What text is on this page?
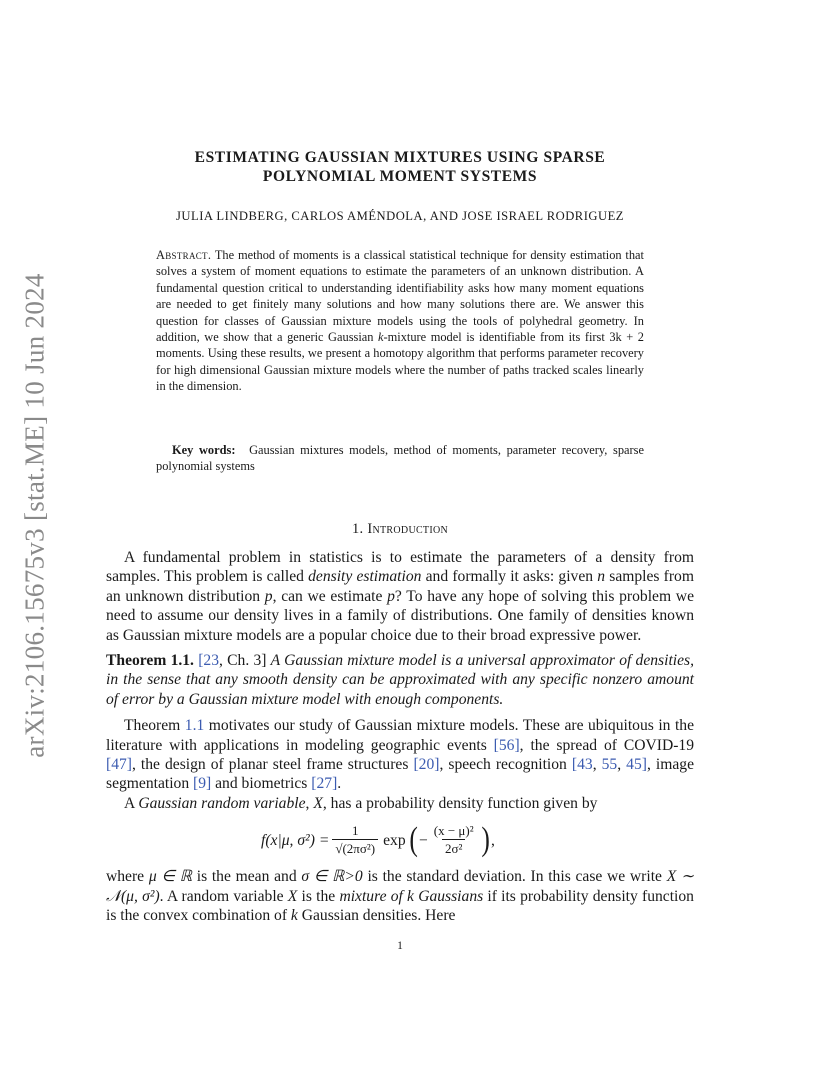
arXiv:2106.15675v3 [stat.ME] 10 Jun 2024
ESTIMATING GAUSSIAN MIXTURES USING SPARSE
POLYNOMIAL MOMENT SYSTEMS
JULIA LINDBERG, CARLOS AMÉNDOLA, AND JOSE ISRAEL RODRIGUEZ
Abstract. The method of moments is a classical statistical technique for density estimation that solves a system of moment equations to estimate the parameters of an unknown distribution. A fundamental question critical to understanding identifiability asks how many moment equations are needed to get finitely many solutions and how many solutions there are. We answer this question for classes of Gaussian mixture models using the tools of polyhedral geometry. In addition, we show that a generic Gaussian k-mixture model is identifiable from its first 3k + 2 moments. Using these results, we present a homotopy algorithm that performs parameter recovery for high dimensional Gaussian mixture models where the number of paths tracked scales linearly in the dimension.
Key words: Gaussian mixtures models, method of moments, parameter recovery, sparse polynomial systems
1. Introduction

A fundamental problem in statistics is to estimate the parameters of a density from samples. This problem is called density estimation and formally it asks: given n samples from an unknown distribution p, can we estimate p? To have any hope of solving this problem we need to assume our density lives in a family of distributions. One family of densities known as Gaussian mixture models are a popular choice due to their broad expressive power.

Theorem 1.1. [23, Ch. 3] A Gaussian mixture model is a universal approximator of densities, in the sense that any smooth density can be approximated with any specific nonzero amount of error by a Gaussian mixture model with enough components.

Theorem 1.1 motivates our study of Gaussian mixture models. These are ubiquitous in the literature with applications in modeling geographic events [56], the spread of COVID-19 [47], the design of planar steel frame structures [20], speech recognition [43, 55, 45], image segmentation [9] and biometrics [27].

A Gaussian random variable, X, has a probability density function given by

f(x|μ, $\sigma^2) = \frac{1}{\text{√(2πσ²)}}$ exp ( − $\frac{\text{(x − μ)²}}{\text{2σ²}}$ ) ,

where μ ∈ ℝ is the mean and σ ∈ ℝ>0 is the standard deviation. In this case we write X ∼ 𝒩(μ, σ²). A random variable X is the mixture of k Gaussians if its probability density function is the convex combination of k Gaussian densities. Here

1
